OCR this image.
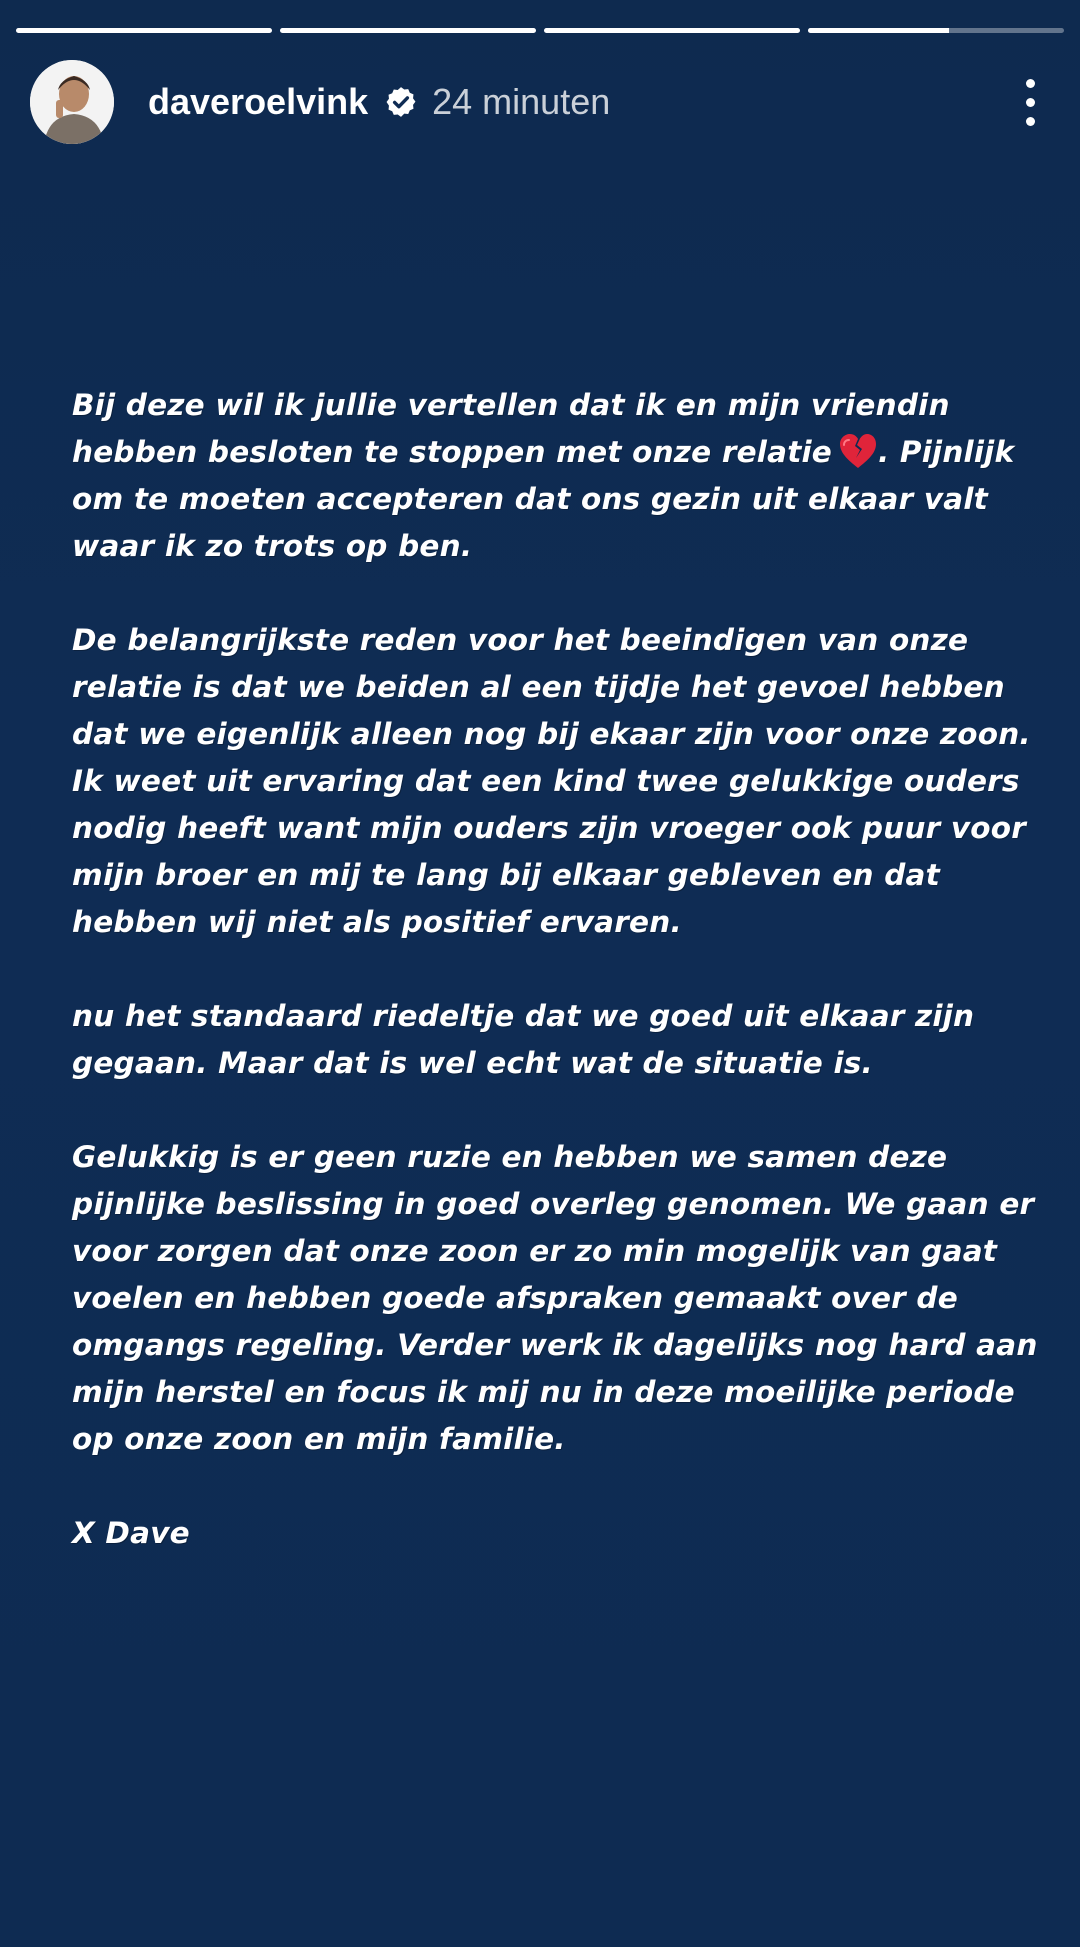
daveroelvink 24 minuten

Bij deze wil ik jullie vertellen dat ik en mijn vriendin hebben besloten te stoppen met onze relatie . Pijnlijk om te moeten accepteren dat ons gezin uit elkaar valt waar ik zo trots op ben.

De belangrijkste reden voor het beeindigen van onze relatie is dat we beiden al een tijdje het gevoel hebben dat we eigenlijk alleen nog bij ekaar zijn voor onze zoon. Ik weet uit ervaring dat een kind twee gelukkige ouders nodig heeft want mijn ouders zijn vroeger ook puur voor mijn broer en mij te lang bij elkaar gebleven en dat hebben wij niet als positief ervaren.

nu het standaard riedeltje dat we goed uit elkaar zijn gegaan. Maar dat is wel echt wat de situatie is.

Gelukkig is er geen ruzie en hebben we samen deze pijnlijke beslissing in goed overleg genomen. We gaan er voor zorgen dat onze zoon er zo min mogelijk van gaat voelen en hebben goede afspraken gemaakt over de omgangs regeling. Verder werk ik dagelijks nog hard aan mijn herstel en focus ik mij nu in deze moeilijke periode op onze zoon en mijn familie.

X Dave
